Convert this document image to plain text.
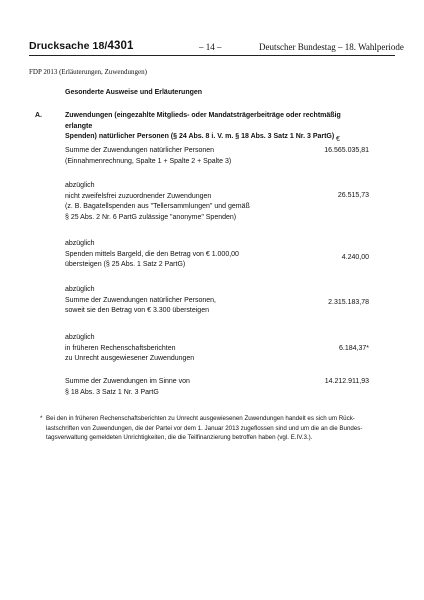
Drucksache 18/4301	– 14 –	Deutscher Bundestag – 18. Wahlperiode
FDP 2013 (Erläuterungen, Zuwendungen)
Gesonderte Ausweise und Erläuterungen
A.	Zuwendungen (eingezahlte Mitglieds- oder Mandatsträgerbeiträge oder rechtmäßig erlangte
Spenden) natürlicher Personen (§ 24 Abs. 8 i. V. m. § 18 Abs. 3 Satz 1 Nr. 3 PartG) €
Summe der Zuwendungen natürlicher Personen
(Einnahmenrechnung, Spalte 1 + Spalte 2 + Spalte 3)
16.565.035,81
abzüglich
nicht zweifelsfrei zuzuordnender Zuwendungen
(z. B. Bagatellspenden aus "Tellersammlungen" und gemäß
§ 25 Abs. 2 Nr. 6 PartG zulässige "anonyme" Spenden)
26.515,73
abzüglich
Spenden mittels Bargeld, die den Betrag von € 1.000,00
übersteigen (§ 25 Abs. 1 Satz 2 PartG)
4.240,00
abzüglich
Summe der Zuwendungen natürlicher Personen,
soweit sie den Betrag von € 3.300 übersteigen
2.315.183,78
abzüglich
in früheren Rechenschaftsberichten
zu Unrecht ausgewiesener Zuwendungen
6.184,37*
Summe der Zuwendungen im Sinne von
§ 18 Abs. 3 Satz 1 Nr. 3 PartG
14.212.911,93
* Bei den in früheren Rechenschaftsberichten zu Unrecht ausgewiesenen Zuwendungen handelt es sich um Rück-
lastschriften von Zuwendungen, die der Partei vor dem 1. Januar 2013 zugeflossen sind und um die an die Bundes-
tagsverwaltung gemeldeten Unrichtigkeiten, die die Teilfinanzierung betroffen haben (vgl. E.IV.3.).
